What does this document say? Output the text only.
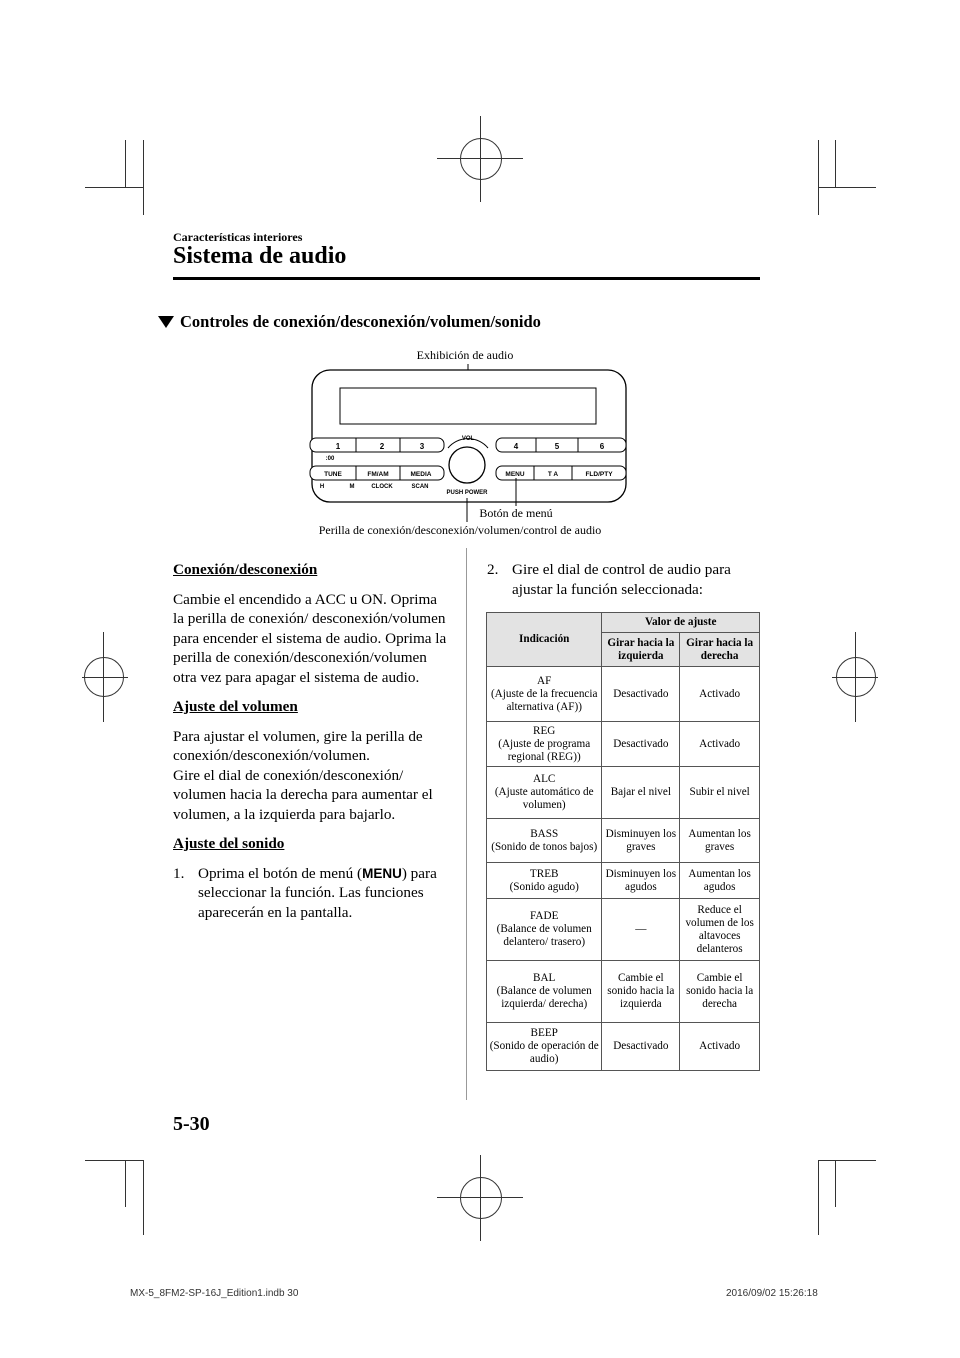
Características interiores
Sistema de audio
Controles de conexión/desconexión/volumen/sonido
Exhibición de audio
1	2	3
:00
4	5	6
VOL
PUSH POWER
TUNE	FM/AM	MEDIA
H	M	CLOCK	SCAN
MENU	T A	FLD/PTY
Botón de menú
Perilla de conexión/desconexión/volumen/control de audio
Conexión/desconexión

Cambie el encendido a ACC u ON. Oprima la perilla de conexión/ desconexión/volumen para encender el sistema de audio. Oprima la perilla de conexión/desconexión/volumen otra vez para apagar el sistema de audio.

Ajuste del volumen

Para ajustar el volumen, gire la perilla de conexión/desconexión/volumen.

Gire el dial de conexión/desconexión/ volumen hacia la derecha para aumentar el volumen, a la izquierda para bajarlo.

Ajuste del sonido
1. Oprima el botón de menú (MENU) para seleccionar la función. Las funciones aparecerán en la pantalla.
2. Gire el dial de control de audio para ajustar la función seleccionada:
Indicación	Valor de ajuste	
	Girar hacia la izquierda	Girar hacia la derecha

AF
(Ajuste de la frecuencia alternativa (AF))	Desactivado	Activado

REG
(Ajuste de programa regional (REG))	Desactivado	Activado

ALC
(Ajuste automático de volumen)	Bajar el nivel	Subir el nivel

BASS
(Sonido de tonos bajos)	Disminuyen los graves	Aumentan los graves

TREB
(Sonido agudo)	Disminuyen los agudos	Aumentan los agudos

FADE
(Balance de volumen delantero/ trasero)	—	Reduce el volumen de los altavoces delanteros

BAL
(Balance de volumen izquierda/ derecha)	Cambie el sonido hacia la izquierda	Cambie el sonido hacia la derecha

BEEP
(Sonido de operación de audio)	Desactivado	Activado
5-30
MX-5_8FM2-SP-16J_Edition1.indb 30	2016/09/02 15:26:18
